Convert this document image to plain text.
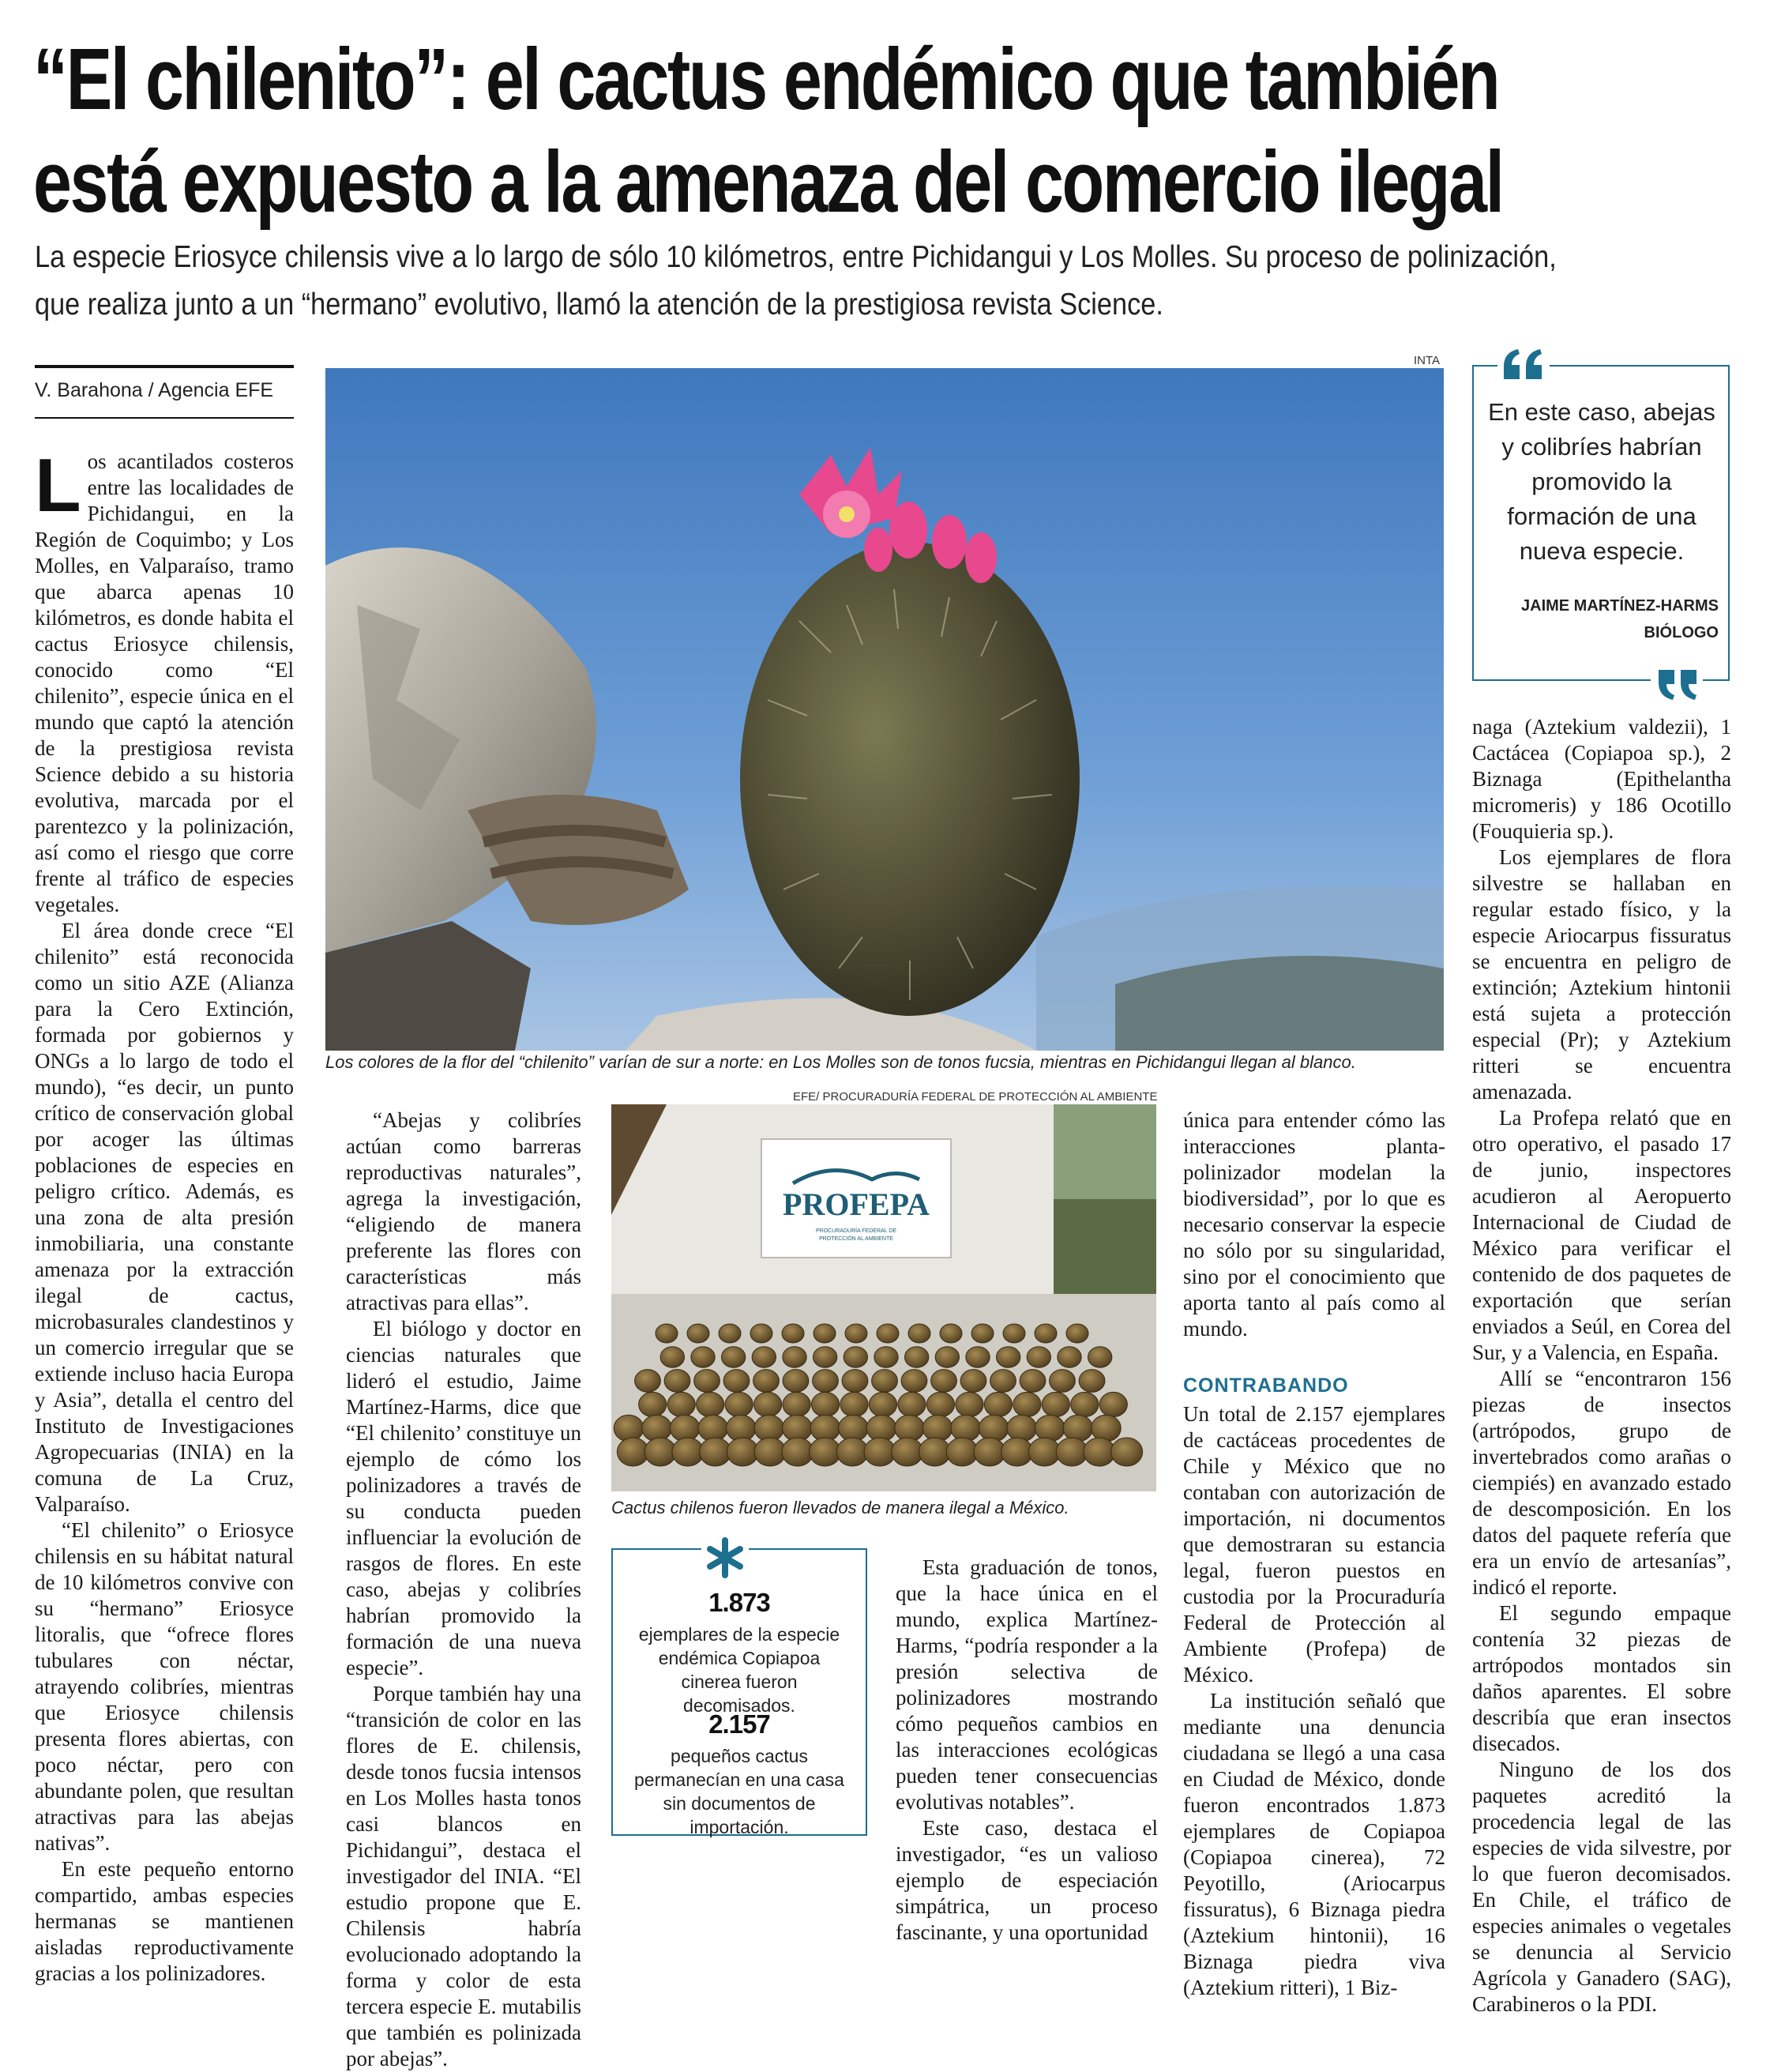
“El chilenito”: el cactus endémico que también
está expuesto a la amenaza del comercio ilegal
La especie Eriosyce chilensis vive a lo largo de sólo 10 kilómetros, entre Pichidangui y Los Molles. Su proceso de polinización,
que realiza junto a un “hermano” evolutivo, llamó la atención de la prestigiosa revista Science.
V. Barahona / Agencia EFE

Los acantilados costeros entre las localidades de Pichidangui, en la Región de Coquimbo; y Los Molles, en Valparaíso, tramo que abarca apenas 10 kilómetros, es donde habita el cactus Eriosyce chilensis, conocido como “El chilenito”, especie única en el mundo que captó la atención de la prestigiosa revista Science debido a su historia evolutiva, marcada por el parentezco y la polinización, así como el riesgo que corre frente al tráfico de especies vegetales.

El área donde crece “El chilenito” está reconocida como un sitio AZE (Alianza para la Cero Extinción, formada por gobiernos y ONGs a lo largo de todo el mundo), “es decir, un punto crítico de conservación global por acoger las últimas poblaciones de especies en peligro crítico. Además, es una zona de alta presión inmobiliaria, una constante amenaza por la extracción ilegal de cactus, microbasurales clandestinos y un comercio irregular que se extiende incluso hacia Europa y Asia”, detalla el centro del Instituto de Investigaciones Agropecuarias (INIA) en la comuna de La Cruz, Valparaíso.

“El chilenito” o Eriosyce chilensis en su hábitat natural de 10 kilómetros convive con su “hermano” Eriosyce litoralis, que “ofrece flores tubulares con néctar, atrayendo colibríes, mientras que Eriosyce chilensis presenta flores abiertas, con poco néctar, pero con abundante polen, que resultan atractivas para las abejas nativas”.

En este pequeño entorno compartido, ambas especies hermanas se mantienen aisladas reproductivamente gracias a los polinizadores.

INTA
Los colores de la flor del “chilenito” varían de sur a norte: en Los Molles son de tonos fucsia, mientras en Pichidangui llegan al blanco.

“Abejas y colibríes actúan como barreras reproductivas naturales”, agrega la investigación, “eligiendo de manera preferente las flores con características más atractivas para ellas”.

El biólogo y doctor en ciencias naturales que lideró el estudio, Jaime Martínez-Harms, dice que “El chilenito’ constituye un ejemplo de cómo los polinizadores a través de su conducta pueden influenciar la evolución de rasgos de flores. En este caso, abejas y colibríes habrían promovido la formación de una nueva especie”.

Porque también hay una “transición de color en las flores de E. chilensis, desde tonos fucsia intensos en Los Molles hasta tonos casi blancos en Pichidangui”, destaca el investigador del INIA. “El estudio propone que E. Chilensis habría evolucionado adoptando la forma y color de esta tercera especie E. mutabilis que también es polinizada por abejas”.

EFE/ PROCURADURÍA FEDERAL DE PROTECCIÓN AL AMBIENTE
PROFEPA
PROCURADURÍA FEDERAL DE
PROTECCIÓN AL AMBIENTE
Cactus chilenos fueron llevados de manera ilegal a México.
1.873
ejemplares de la especie endémica Copiapoa cinerea fueron decomisados.
2.157
pequeños cactus permanecían en una casa sin documentos de importación.

Esta graduación de tonos, que la hace única en el mundo, explica Martínez-Harms, “podría responder a la presión selectiva de polinizadores mostrando cómo pequeños cambios en las interacciones ecológicas pueden tener consecuencias evolutivas notables”.

Este caso, destaca el investigador, “es un valioso ejemplo de especiación simpátrica, un proceso fascinante, y una oportunidad

única para entender cómo las interacciones planta-polinizador modelan la biodiversidad”, por lo que es necesario conservar la especie no sólo por su singularidad, sino por el conocimiento que aporta tanto al país como al mundo.

CONTRABANDO

Un total de 2.157 ejemplares de cactáceas procedentes de Chile y México que no contaban con autorización de importación, ni documentos que demostraran su estancia legal, fueron puestos en custodia por la Procuraduría Federal de Protección al Ambiente (Profepa) de México.

La institución señaló que mediante una denuncia ciudadana se llegó a una casa en Ciudad de México, donde fueron encontrados 1.873 ejemplares de Copiapoa (Copiapoa cinerea), 72 Peyotillo, (Ariocarpus fissuratus), 6 Biznaga piedra (Aztekium hintonii), 16 Biznaga piedra viva (Aztekium ritteri), 1 Biz-

En este caso, abejas y colibríes habrían promovido la formación de una nueva especie.
JAIME MARTÍNEZ-HARMS
BIÓLOGO

naga (Aztekium valdezii), 1 Cactácea (Copiapoa sp.), 2 Biznaga (Epithelantha micromeris) y 186 Ocotillo (Fouquieria sp.).

Los ejemplares de flora silvestre se hallaban en regular estado físico, y la especie Ariocarpus fissuratus se encuentra en peligro de extinción; Aztekium hintonii está sujeta a protección especial (Pr); y Aztekium ritteri se encuentra amenazada.

La Profepa relató que en otro operativo, el pasado 17 de junio, inspectores acudieron al Aeropuerto Internacional de Ciudad de México para verificar el contenido de dos paquetes de exportación que serían enviados a Seúl, en Corea del Sur, y a Valencia, en España.

Allí se “encontraron 156 piezas de insectos (artrópodos, grupo de invertebrados como arañas o ciempiés) en avanzado estado de descomposición. En los datos del paquete refería que era un envío de artesanías”, indicó el reporte.

El segundo empaque contenía 32 piezas de artrópodos montados sin daños aparentes. El sobre describía que eran insectos disecados.

Ninguno de los dos paquetes acreditó la procedencia legal de las especies de vida silvestre, por lo que fueron decomisados. En Chile, el tráfico de especies animales o vegetales se denuncia al Servicio Agrícola y Ganadero (SAG), Carabineros o la PDI.
